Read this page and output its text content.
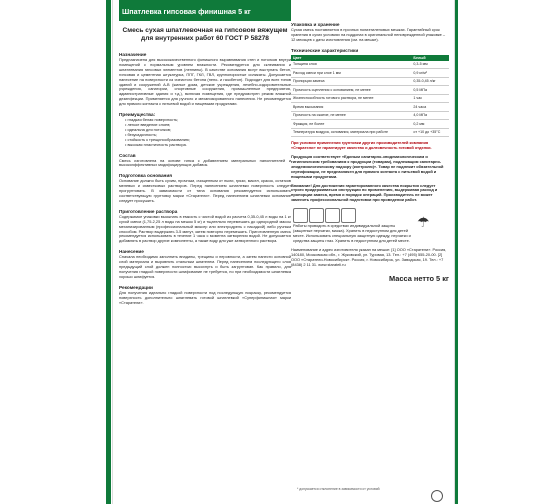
Шпатлевка гипсовая финишная 5 кг
Смесь сухая шпатлевочная на гипсовом вяжущем для внутренних работ 60 ГОСТ Р 58278
Назначение
Предназначена для высококачественного финишного выравнивания стен и потолков внутри помещений с нормальным уровнем влажности. Рекомендуется для склеивания и шпатлевания гипсовых элементов (лепнины). В качестве основания могут выступать бетон, гипсовая и цементная штукатурка, ППГ, ГКЛ, ГВЛ, крупнопористые силикаты. Допускается нанесение на поверхности из ячеистого бетона (пено- и газобетон). Подходит для всех типов зданий и сооружений А-В (жилые дома, детские учреждения, лечебно-оздоровительные учреждения, санатории, спортивные сооружения, промышленные предприятия, административные здания и т.д.), включая помещения, где предусмотрен режим влажной дезинфекции. Применяется для ручного и механизированного нанесения. Не рекомендуется для прямого контакта с питьевой водой и пищевыми продуктами.
Преимущества:
• гладкая белая поверхность;
• легкое введение слоев;
• идеальна для потолков;
• безусадочность;
• стойкость к трещинообразованию;
• высокая пластичность раствора.
Состав
Смесь изготовлена на основе гипса с добавлением минеральных наполнителей и высокоэффективных модифицирующих добавок.
Подготовка основания
Основание должно быть сухим, прочным, очищенным от пыли, грязи, масел, красок, остатков мелевых и известковых растворов. Перед нанесением шпатлевки поверхность следует прогрунтовать. В зависимости от типа основания рекомендуется использовать соответствующую грунтовку марки «Старатели». Перед нанесением шпатлевки основание следует просушить.
Приготовление раствора
Содержимое упаковки высыпать в емкость с чистой водой из расчета 0,35-0,45 л воды на 1 кг сухой смеси (1,75-2,25 л воды на мешок 5 кг) и тщательно перемешать до однородной массы механизированным (профессиональный миксер или электродрель с насадкой) либо ручным способом. Раствор выдержать 3-5 минут, затем повторно перемешать. Приготовленную смесь рекомендуется использовать в течение 1 часа с момента затворения водой. Не допускается добавлять в раствор другие компоненты, а также воду для уже затворенного раствора.
Нанесение
Сначала необходимо заполнить впадины, трещины и неровности, а затем нанести основной слой материала и выровнять стальным шпателем. Перед нанесением последующего слоя предыдущий слой должен полностью высохнуть и быть загрунтован. Как правило, для получения гладкой поверхности шлифование не требуется, но при необходимости шпатлевка хорошо шлифуется.
Рекомендации
Для получения идеально гладкой поверхности под последующую покраску, рекомендуется поверхность дополнительно шпатлевать готовой шпатлевкой «Суперфинишная» марки «Старатели».
Упаковка и хранение
Сухая смесь поставляется в прочных полиэтиленовых мешках. Гарантийный срок хранения в сухих условиях на поддонах в оригинальной неповрежденной упаковке – 12 месяцев с даты изготовления (см. на мешке).
Технические характеристики
Цвет	Белый
Толщина слоя	0,3-5 мм
Расход смеси при слое 1 мм	0,9 кг/м²
Пропорции замеса	0,35-0,45 л/кг
Прочность сцепления с основанием, не менее	0,5 МПа
Жизнеспособность готового раствора, не менее	1 час
Время высыхания	24 часа
Прочность на сжатие, не менее	4,0 МПа
Фракция, не более	0,2 мм
Температура воздуха, основания, материала при работе	от +10 до +35°С
При условии применения грунтовки других производителей компания «Старатели» не гарантирует качество и долговечность готовой отделки.
Продукция соответствует «Единым санитарно-эпидемиологическим и гигиеническим требованиям к продукции (товарам), подлежащим санитарно-эпидемиологическому надзору (контролю)». Товар не подлежит обязательной сертификации, не предназначен для прямого контакта с питьевой водой и пищевыми продуктами.
Внимание! Для достижения гарантированного качества покрытия следует строго придерживаться инструкции по применению, выдерживая расход и пропорции замеса, время и порядок операций. Производитель не может заменить профессиональной подготовки при проведении работ.
☂
Работы проводить в средствах индивидуальной защиты (защитные перчатки, маска). Хранить в недоступном для детей месте. Использовать специальную защитную одежду, перчатки и средства защиты глаз. Хранить в недоступном для детей месте.
Наименование и адрес изготовителя указан на мешке: [1] ООО «Старатели». Россия, 140180, Московская обл., г. Жуковский, ул. Туровая, 13. Тел.: +7 (495) 555-20-00. [2] ООО «Старатели-Новосибирск». Россия, г. Новосибирск, ул. Заводская, 19. Тел.: +7 (8438) 2 11 31. www.starateli.ru
Масса нетто 5 кг
* допускается отклонение в зависимости от условий
